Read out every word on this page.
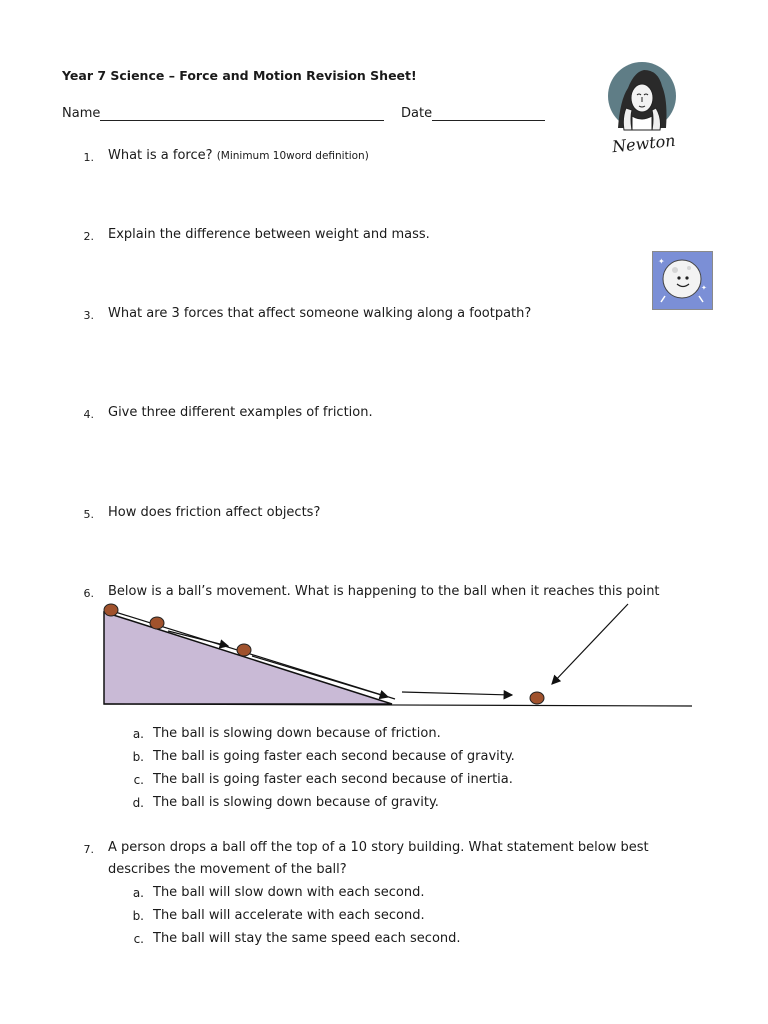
Year 7 Science – Force and Motion Revision Sheet!
Name	Date
Newton
✦
✦
1. What is a force? (Minimum 10word definition)
2. Explain the difference between weight and mass.
3. What are 3 forces that affect someone walking along a footpath?
4. Give three different examples of friction.
5. How does friction affect objects?
6. Below is a ball’s movement. What is happening to the ball when it reaches this point
a. The ball is slowing down because of friction.
b. The ball is going faster each second because of gravity.
c. The ball is going faster each second because of inertia.
d. The ball is slowing down because of gravity.
7. A person drops a ball off the top of a 10 story building. What statement below best
describes the movement of the ball?
a. The ball will slow down with each second.
b. The ball will accelerate with each second.
c. The ball will stay the same speed each second.
